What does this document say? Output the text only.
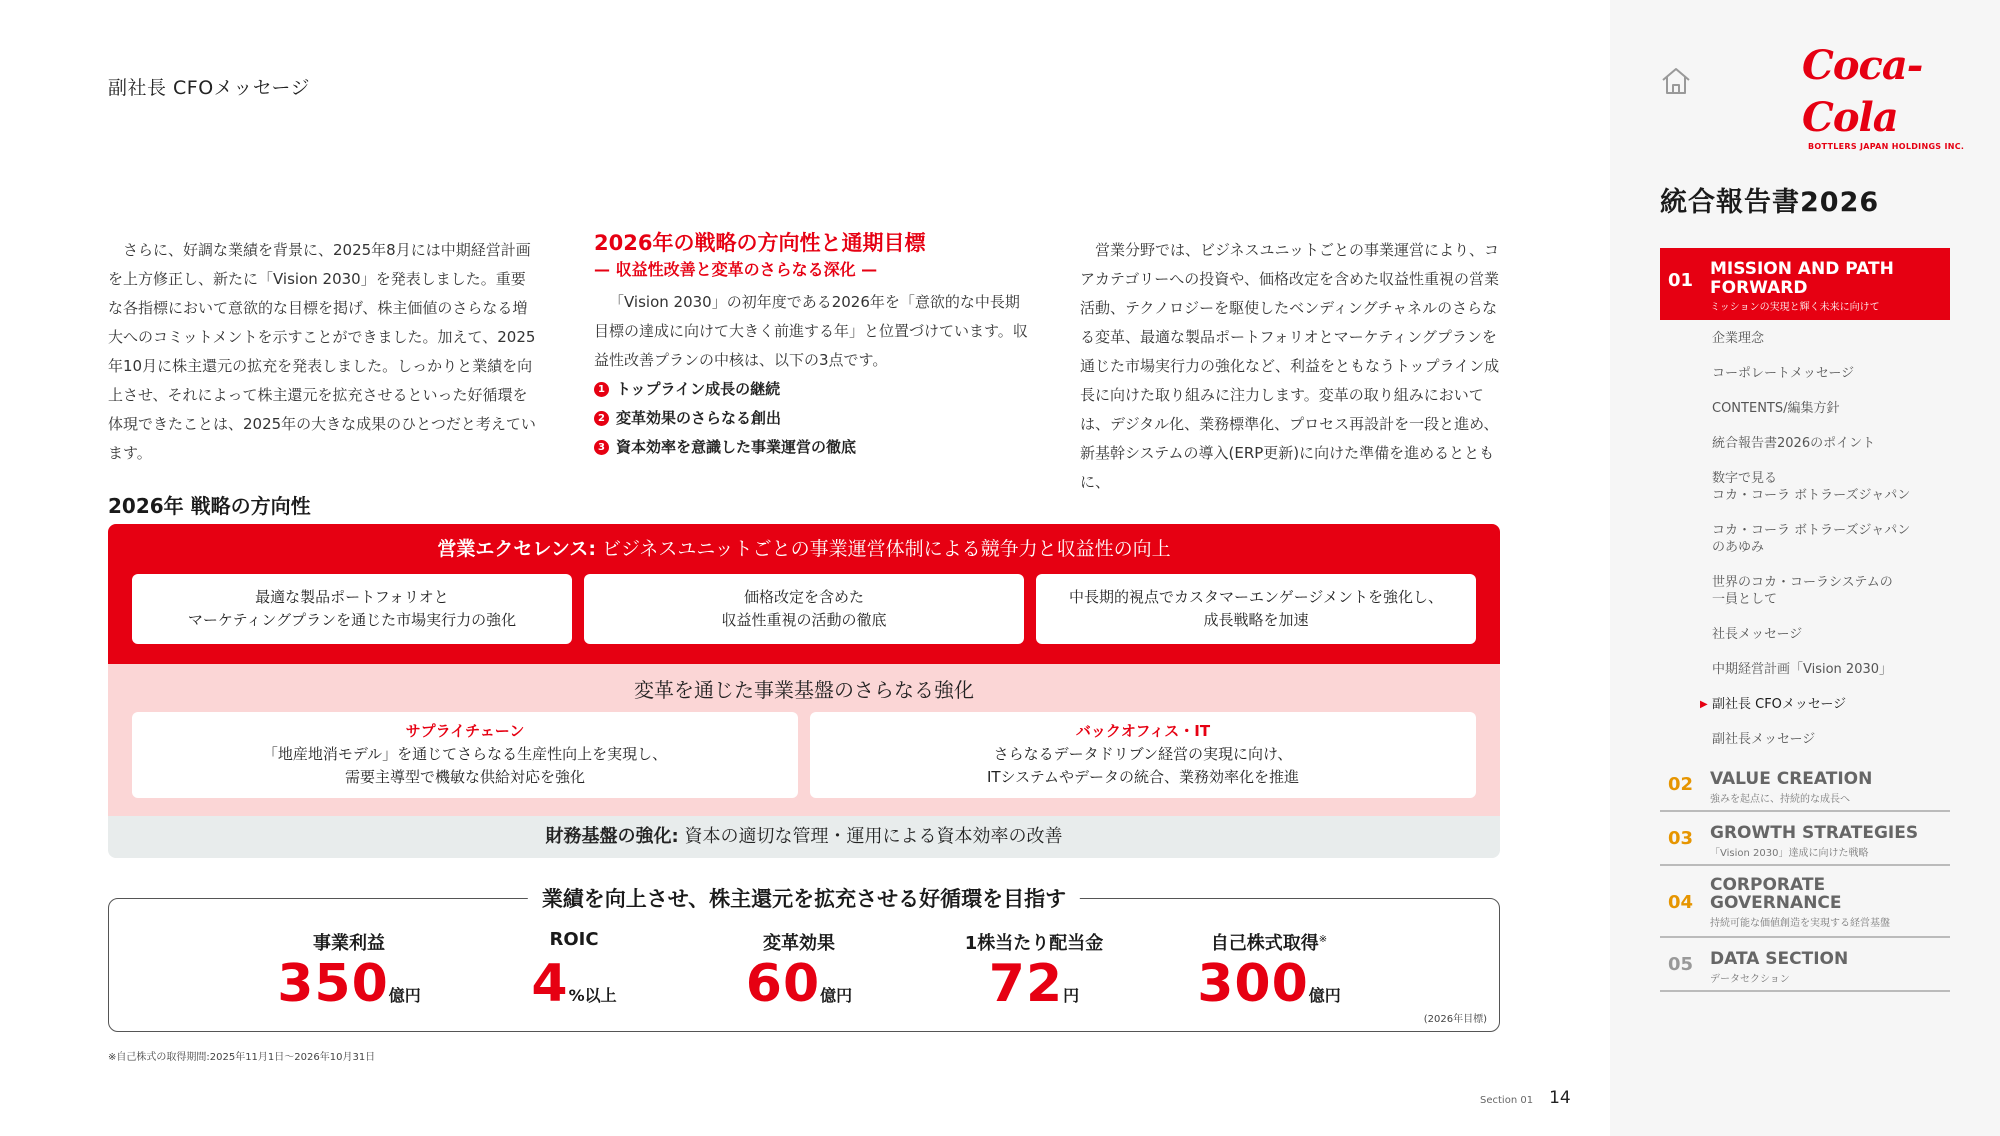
副社長 CFOメッセージ

さらに、好調な業績を背景に、2025年8月には中期経営計画を上方修正し、新たに「Vision 2030」を発表しました。重要な各指標において意欲的な目標を掲げ、株主価値のさらなる増大へのコミットメントを示すことができました。加えて、2025年10月に株主還元の拡充を発表しました。しっかりと業績を向上させ、それによって株主還元を拡充させるといった好循環を体現できたことは、2025年の大きな成果のひとつだと考えています。

2026年の戦略の方向性と通期目標
— 収益性改善と変革のさらなる深化 —

「Vision 2030」の初年度である2026年を「意欲的な中長期目標の達成に向けて大きく前進する年」と位置づけています。収益性改善プランの中核は、以下の3点です。

1 トップライン成長の継続
2 変革効果のさらなる創出
3 資本効率を意識した事業運営の徹底

営業分野では、ビジネスユニットごとの事業運営により、コアカテゴリーへの投資や、価格改定を含めた収益性重視の営業活動、テクノロジーを駆使したベンディングチャネルのさらなる変革、最適な製品ポートフォリオとマーケティングプランを通じた市場実行力の強化など、利益をともなうトップライン成長に向けた取り組みに注力します。変革の取り組みにおいては、デジタル化、業務標準化、プロセス再設計を一段と進め、新基幹システムの導入(ERP更新)に向けた準備を進めるとともに、

2026年 戦略の方向性
営業エクセレンス: ビジネスユニットごとの事業運営体制による競争力と収益性の向上
最適な製品ポートフォリオと
マーケティングプランを通じた市場実行力の強化
価格改定を含めた
収益性重視の活動の徹底
中長期的視点でカスタマーエンゲージメントを強化し、
成長戦略を加速
変革を通じた事業基盤のさらなる強化
サプライチェーン
「地産地消モデル」を通じてさらなる生産性向上を実現し、
需要主導型で機敏な供給対応を強化
バックオフィス・IT
さらなるデータドリブン経営の実現に向け、
ITシステムやデータの統合、業務効率化を推進
財務基盤の強化: 資本の適切な管理・運用による資本効率の改善
業績を向上させ、株主還元を拡充させる好循環を目指す
事業利益
350億円
ROIC
4%以上
変革効果
60億円
1株当たり配当金
72円
自己株式取得※
300億円
(2026年目標)
※自己株式の取得期間:2025年11月1日〜2026年10月31日
Section 01 14
Coca-Cola
BOTTLERS JAPAN HOLDINGS INC.
統合報告書2026
01
MISSION AND PATH FORWARD
ミッションの実現と輝く未来に向けて
企業理念
コーポレートメッセージ
CONTENTS/編集方針
統合報告書2026のポイント
数字で見る
コカ・コーラ ボトラーズジャパン
コカ・コーラ ボトラーズジャパン
のあゆみ
世界のコカ・コーラシステムの
一員として
社長メッセージ
中期経営計画「Vision 2030」
▶ 副社長 CFOメッセージ
副社長メッセージ
02 VALUE CREATION
強みを起点に、持続的な成長へ
03 GROWTH STRATEGIES
「Vision 2030」達成に向けた戦略
04
CORPORATE GOVERNANCE
持続可能な価値創造を実現する経営基盤
05 DATA SECTION
データセクション
